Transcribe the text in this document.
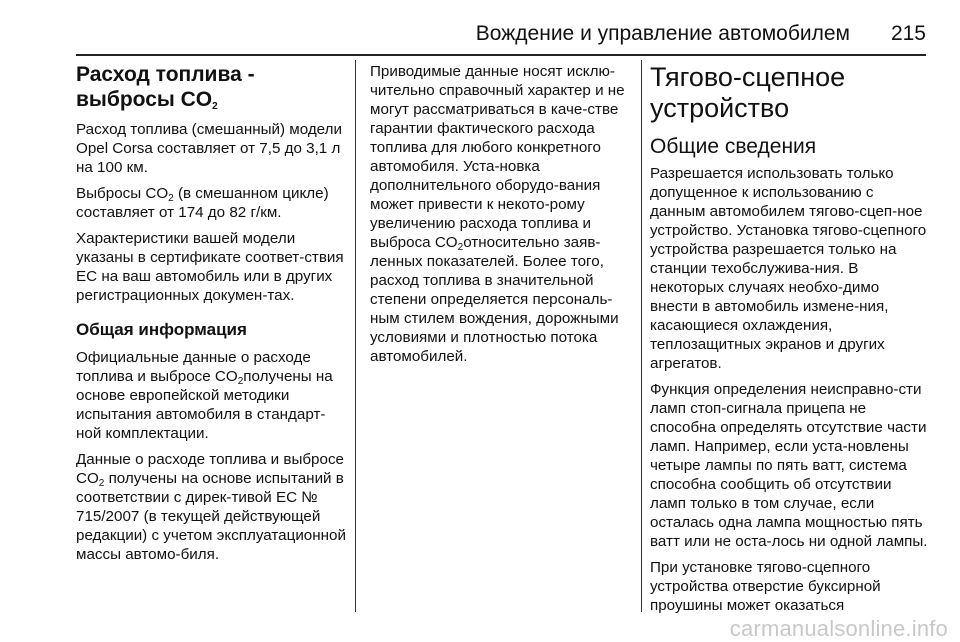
Вождение и управление автомобилем 215
Расход топлива -
выбросы $CO_2$

Расход топлива (смешанный) модели Opel Corsa составляет от 7,5 до 3,1 л на 100 км.

Выбросы $CO_2$ (в смешанном цикле) составляет от 174 до 82 г/км.

Характеристики вашей модели указаны в сертификате соответ-ствия ЕС на ваш автомобиль или в других регистрационных докумен-тах.

Общая информация

Официальные данные о расходе топлива и выбросе $CO_2получены$ на основе европейской методики испытания автомобиля в стандарт-ной комплектации.

Данные о расходе топлива и выбросе $CO_2$ получены на основе испытаний в соответствии с дирек-тивой ЕС № 715/2007 (в текущей действующей редакции) с учетом эксплуатационной массы автомо-биля.

Приводимые данные носят исклю-чительно справочный характер и не могут рассматриваться в каче-стве гарантии фактического расхода топлива для любого конкретного автомобиля. Уста-новка дополнительного оборудо-вания может привести к некото-рому увеличению расхода топлива и выброса $CO_2относительно$ заяв-ленных показателей. Более того, расход топлива в значительной степени определяется персональ-ным стилем вождения, дорожными условиями и плотностью потока автомобилей.

Тягово-сцепное устройство
Общие сведения

Разрешается использовать только допущенное к использованию с данным автомобилем тягово-сцеп-ное устройство. Установка тягово-сцепного устройства разрешается только на станции техобслужива-ния. В некоторых случаях необхо-димо внести в автомобиль измене-ния, касающиеся охлаждения, теплозащитных экранов и других агрегатов.

Функция определения неисправно-сти ламп стоп-сигнала прицепа не способна определять отсутствие части ламп. Например, если уста-новлены четыре лампы по пять ватт, система способна сообщить об отсутствии ламп только в том случае, если осталась одна лампа мощностью пять ватт или не оста-лось ни одной лампы.

При установке тягово-сцепного устройства отверстие буксирной проушины может оказаться

carmanualsonline.info
